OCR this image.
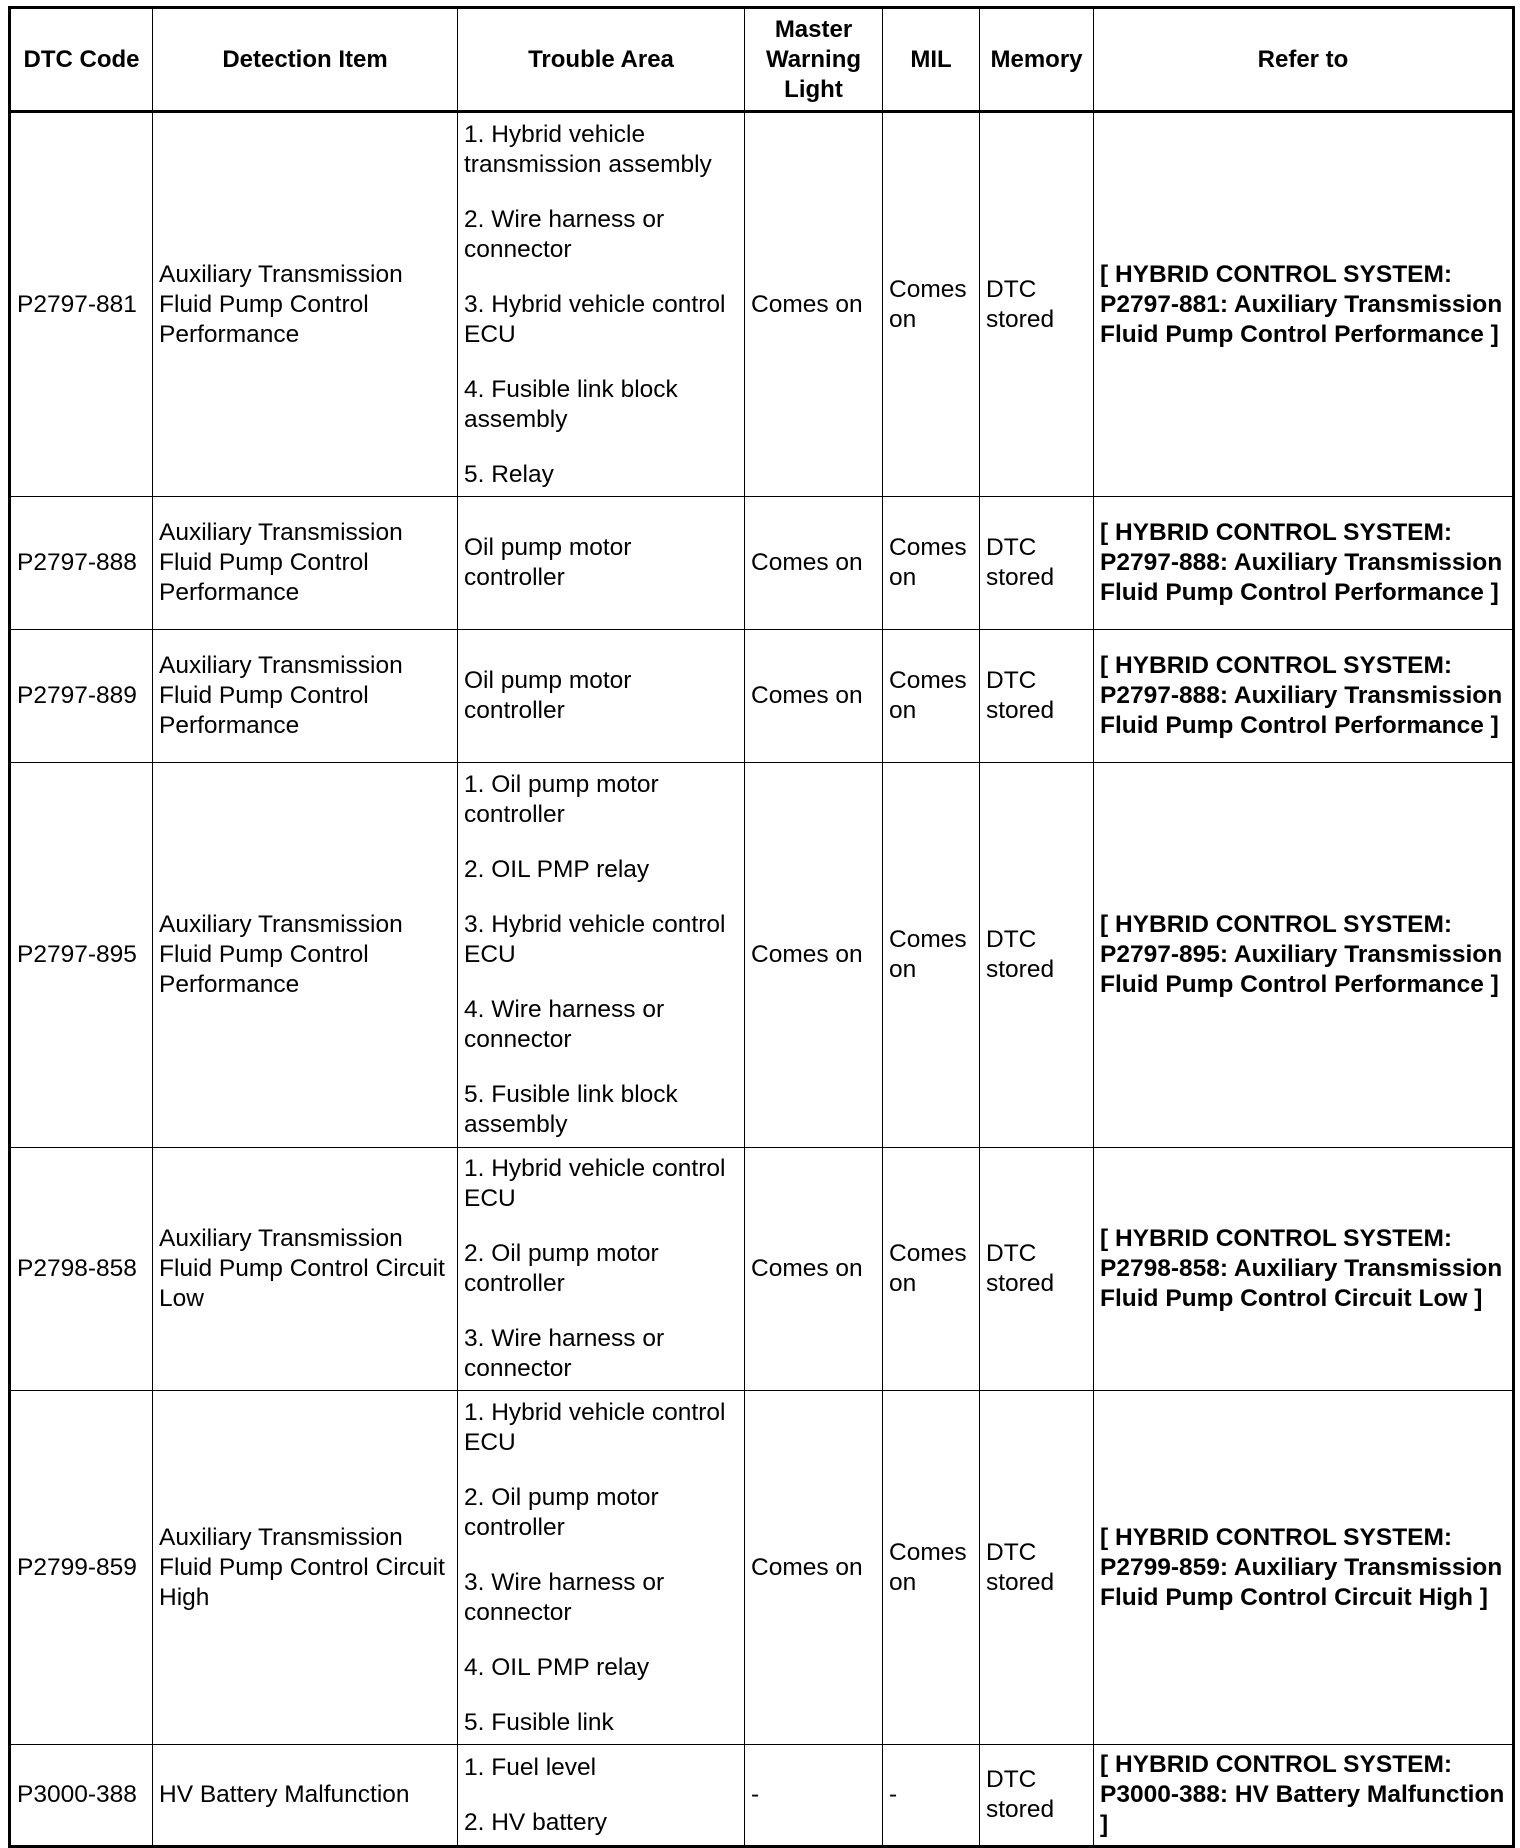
DTC Code	Detection Item	Trouble Area	Master Warning Light	MIL	Memory	Refer to
P2797-881	Auxiliary Transmission Fluid Pump Control Performance	1. Hybrid vehicle transmission assembly

2. Wire harness or connector

3. Hybrid vehicle control ECU

4. Fusible link block assembly

5. Relay	Comes on	Comes on	DTC stored	[ HYBRID CONTROL SYSTEM: P2797-881: Auxiliary Transmission Fluid Pump Control Performance ]
P2797-888	Auxiliary Transmission Fluid Pump Control Performance	Oil pump motor controller	Comes on	Comes on	DTC stored	[ HYBRID CONTROL SYSTEM: P2797-888: Auxiliary Transmission Fluid Pump Control Performance ]
P2797-889	Auxiliary Transmission Fluid Pump Control Performance	Oil pump motor controller	Comes on	Comes on	DTC stored	[ HYBRID CONTROL SYSTEM: P2797-888: Auxiliary Transmission Fluid Pump Control Performance ]
P2797-895	Auxiliary Transmission Fluid Pump Control Performance	1. Oil pump motor controller

2. OIL PMP relay

3. Hybrid vehicle control ECU

4. Wire harness or connector

5. Fusible link block assembly	Comes on	Comes on	DTC stored	[ HYBRID CONTROL SYSTEM: P2797-895: Auxiliary Transmission Fluid Pump Control Performance ]
P2798-858	Auxiliary Transmission Fluid Pump Control Circuit Low	1. Hybrid vehicle control ECU

2. Oil pump motor controller

3. Wire harness or connector	Comes on	Comes on	DTC stored	[ HYBRID CONTROL SYSTEM: P2798-858: Auxiliary Transmission Fluid Pump Control Circuit Low ]
P2799-859	Auxiliary Transmission Fluid Pump Control Circuit High	1. Hybrid vehicle control ECU

2. Oil pump motor controller

3. Wire harness or connector

4. OIL PMP relay

5. Fusible link	Comes on	Comes on	DTC stored	[ HYBRID CONTROL SYSTEM: P2799-859: Auxiliary Transmission Fluid Pump Control Circuit High ]
P3000-388	HV Battery Malfunction	1. Fuel level

2. HV battery	-	-	DTC stored	[ HYBRID CONTROL SYSTEM: P3000-388: HV Battery Malfunction ]
